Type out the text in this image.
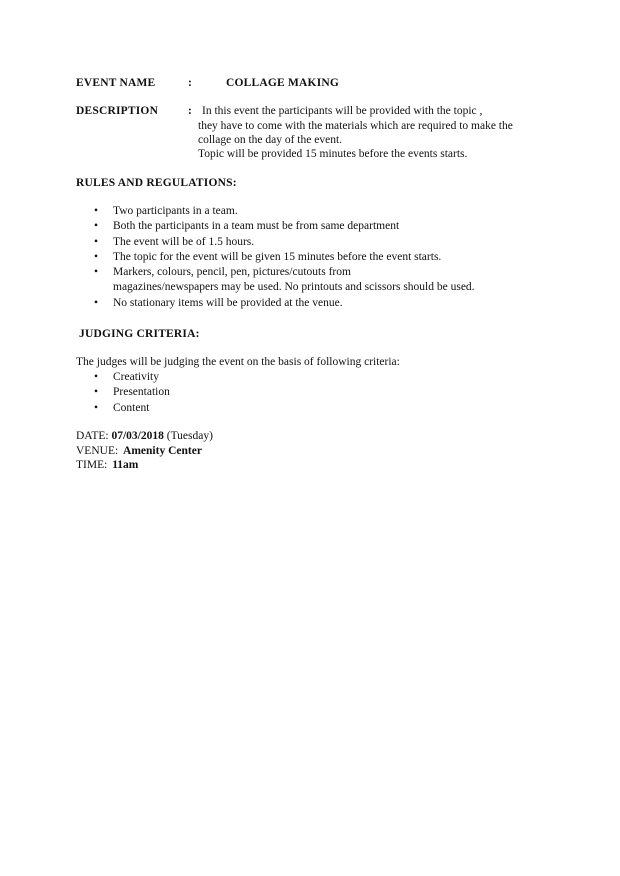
EVENT NAME	:	COLLAGE MAKING
DESCRIPTION	: In this event the participants will be provided with the topic ,
they have to come with the materials which are required to make the
collage on the day of the event.
Topic will be provided 15 minutes before the events starts.
RULES AND REGULATIONS:
• Two participants in a team.
• Both the participants in a team must be from same department
• The event will be of 1.5 hours.
• The topic for the event will be given 15 minutes before the event starts.
• Markers, colours, pencil, pen, pictures/cutouts from
magazines/newspapers may be used. No printouts and scissors should be used.
• No stationary items will be provided at the venue.
JUDGING CRITERIA:
The judges will be judging the event on the basis of following criteria:
• Creativity
• Presentation
• Content
DATE: 07/03/2018 (Tuesday)
VENUE: Amenity Center
TIME: 11am
